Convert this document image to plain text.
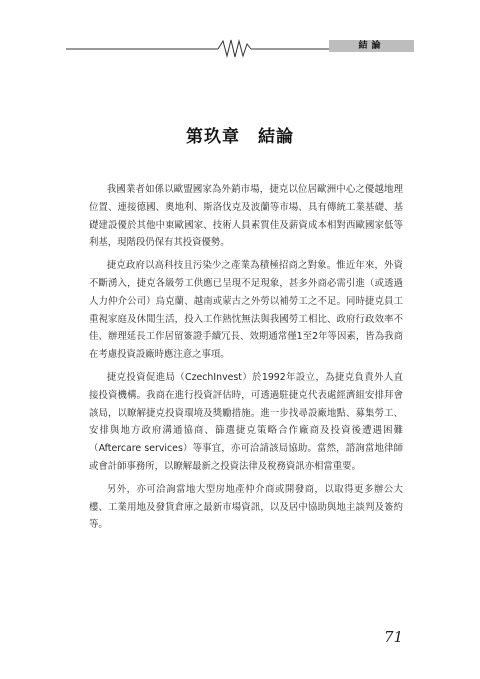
結論
第玖章　結論

我國業者如係以歐盟國家為外銷市場，捷克以位居歐洲中心之優越地理位置、連接德國、奧地利、斯洛伐克及波蘭等市場、具有傳統工業基礎、基礎建設優於其他中東歐國家、技術人員素質佳及薪資成本相對西歐國家低等利基，現階段仍保有其投資優勢。

捷克政府以高科技且污染少之產業為積極招商之對象。惟近年來，外資不斷湧入，捷克各級勞工供應已呈現不足現象，甚多外商必需引進（或透過人力仲介公司）烏克蘭、越南或蒙古之外勞以補勞工之不足。同時捷克員工重視家庭及休閒生活，投入工作熱忱無法與我國勞工相比、政府行政效率不佳、辦理延長工作居留簽證手續冗長、效期通常僅1至2年等因素，皆為我商在考慮投資設廠時應注意之事項。

捷克投資促進局（CzechInvest）於1992年設立，為捷克負責外人直接投資機構。我商在進行投資評估時，可透過駐捷克代表處經濟組安排拜會該局，以瞭解捷克投資環境及獎勵措施。進一步找尋設廠地點、募集勞工、安排與地方政府溝通協商、篩選捷克策略合作廠商及投資後遭遇困難（Aftercare services）等事宜，亦可洽請該局協助。當然，諮詢當地律師或會計師事務所，以瞭解最新之投資法律及稅務資訊亦相當重要。

另外，亦可洽詢當地大型房地產仲介商或開發商，以取得更多辦公大樓、工業用地及發貨倉庫之最新市場資訊，以及居中協助與地主談判及簽約等。

71
